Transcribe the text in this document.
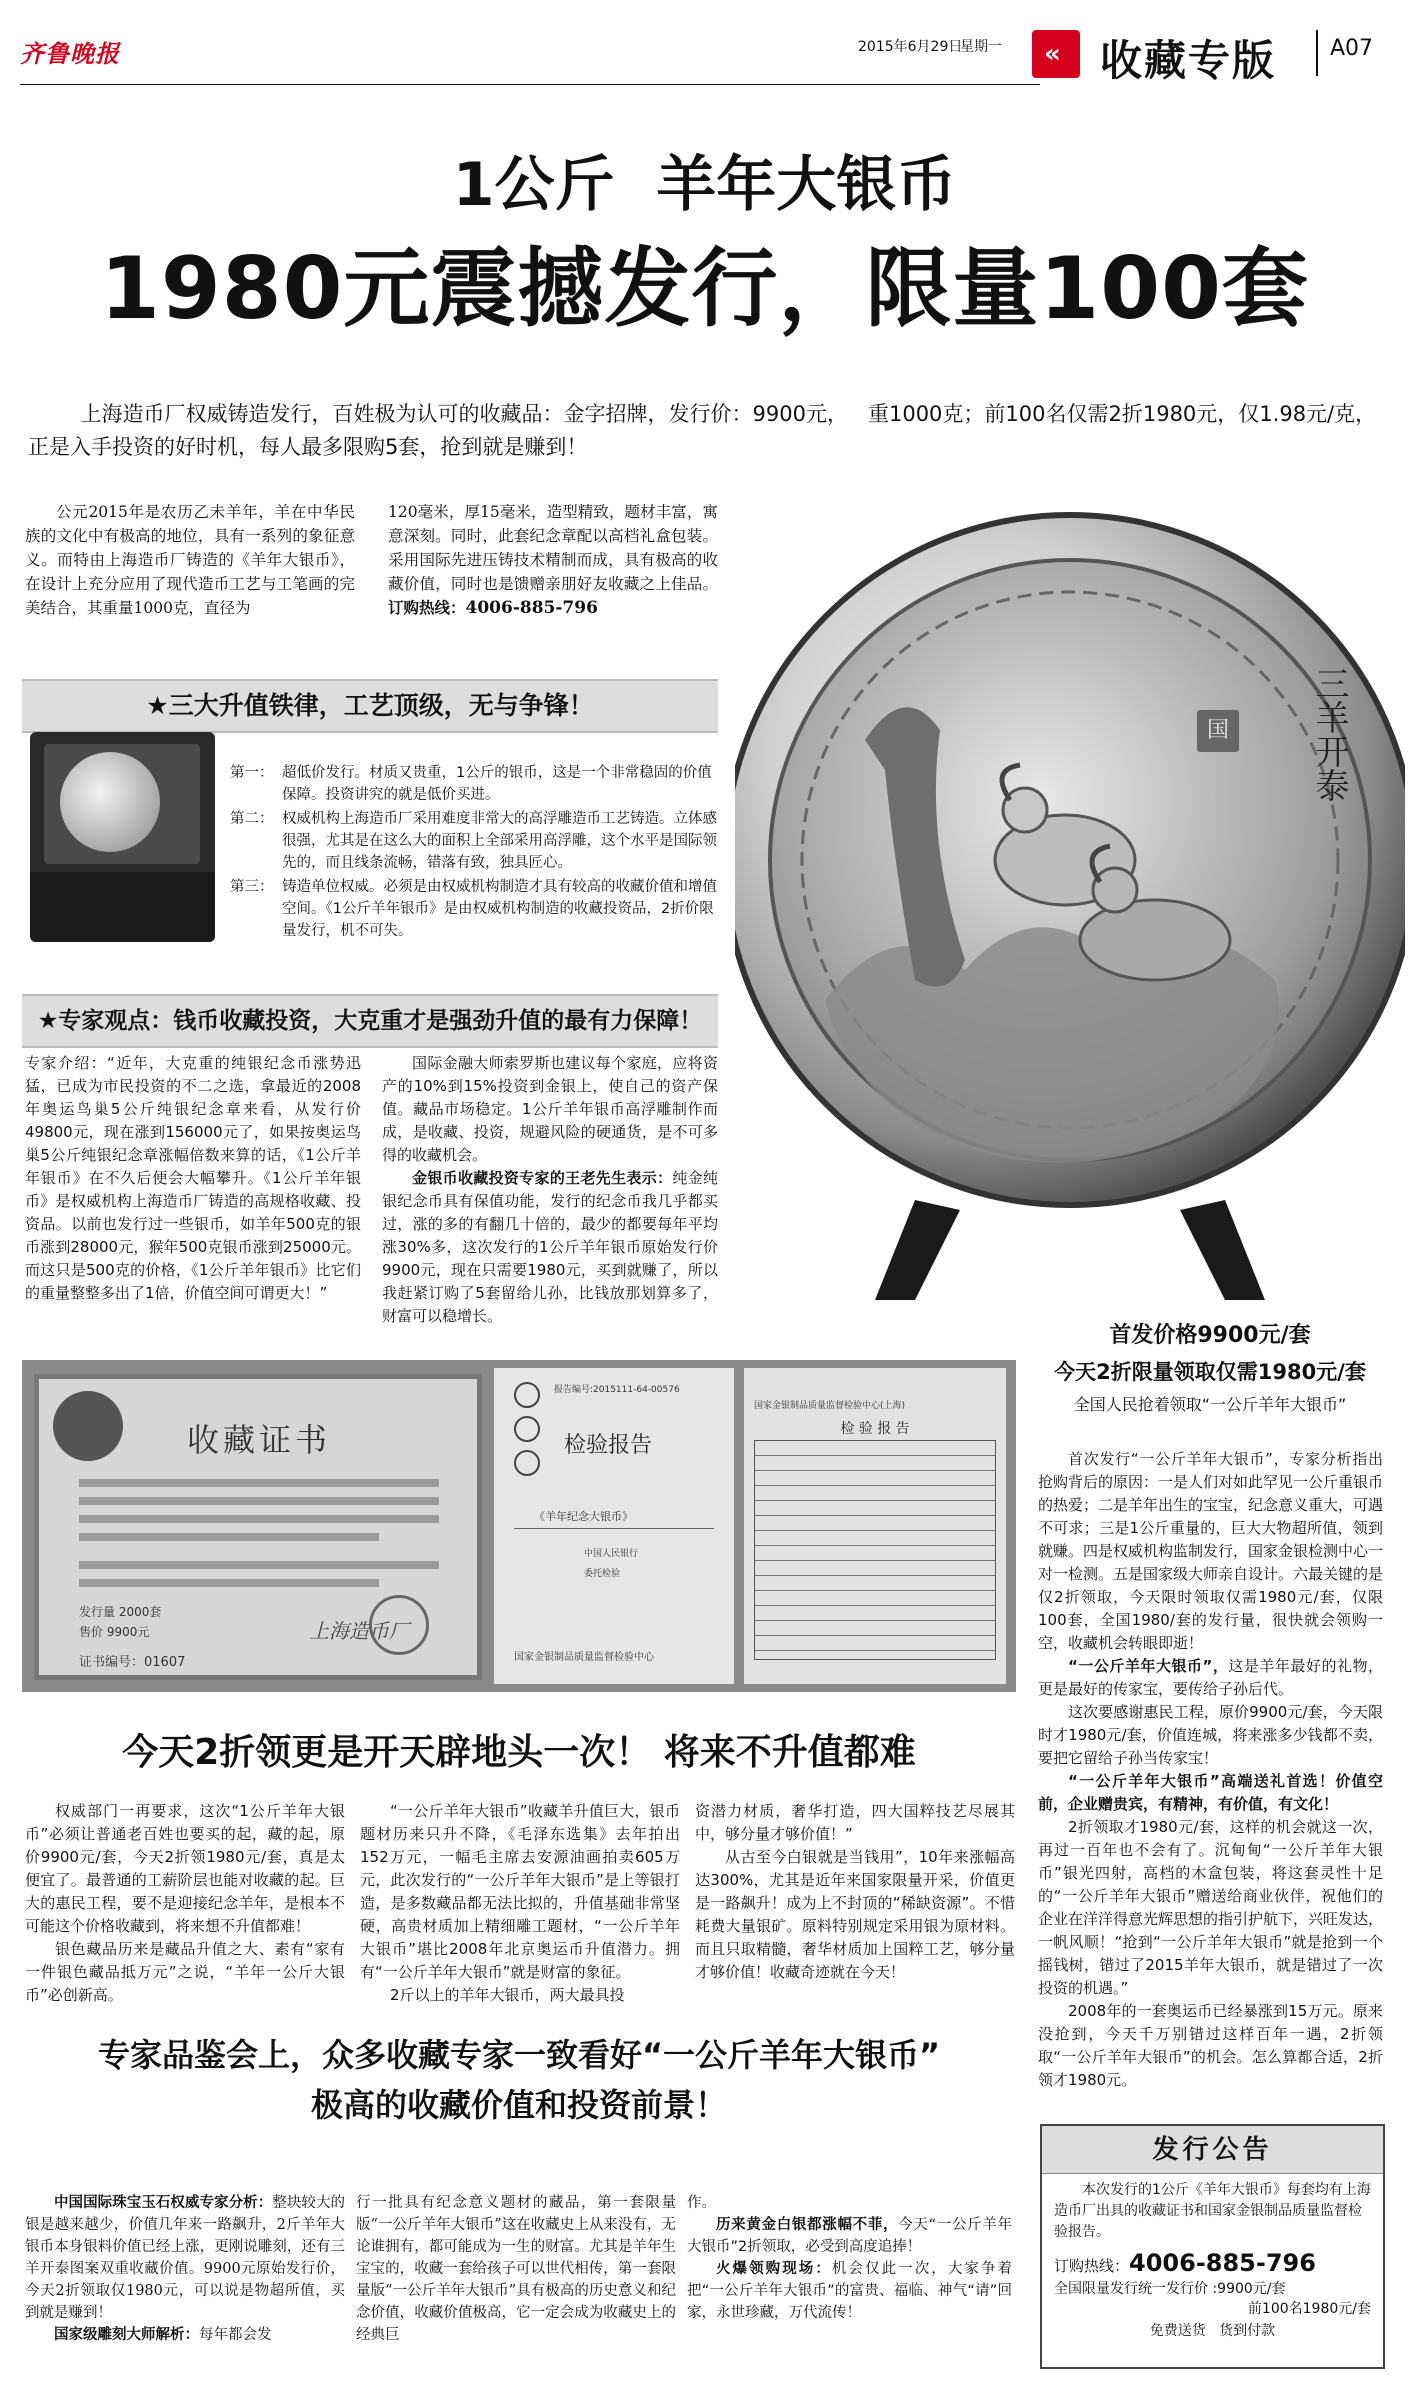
齐鲁晚报	2015年6月29日
星期一 « 收藏专版 A07
1公斤  羊年大银币
1980元震撼发行，限量100套
上海造币厂权威铸造发行，百姓极为认可的收藏品：金字招牌，发行价：9900元，   重1000克；前100名仅需2折1980元，仅1.98元/克，正是入手投资的好时机，每人最多限购5套，抢到就是赚到！

公元2015年是农历乙未羊年，羊在中华民族的文化中有极高的地位，具有一系列的象征意义。而特由上海造币厂铸造的《羊年大银币》，在设计上充分应用了现代造币工艺与工笔画的完美结合，其重量1000克，直径为

120毫米，厚15毫米，造型精致，题材丰富，寓意深刻。同时，此套纪念章配以高档礼盒包装。采用国际先进压铸技术精制而成，具有极高的收藏价值，同时也是馈赠亲朋好友收藏之上佳品。订购热线：4006-885-796
★三大升值铁律，工艺顶级，无与争锋！
第一： 超低价发行。材质又贵重，1公斤的银币，这是一个非常稳固的价值保障。投资讲究的就是低价买进。
第二： 权威机构上海造币厂采用难度非常大的高浮雕造币工艺铸造。立体感很强，尤其是在这么大的面积上全部采用高浮雕，这个水平是国际领先的，而且线条流畅，错落有致，独具匠心。
第三： 铸造单位权威。必须是由权威机构制造才具有较高的收藏价值和增值空间。《1公斤羊年银币》是由权威机构制造的收藏投资品，2折价限量发行，机不可失。
★专家观点：钱币收藏投资，大克重才是强劲升值的最有力保障！

专家介绍：“近年，大克重的纯银纪念币涨势迅猛，已成为市民投资的不二之选，拿最近的2008年奥运鸟巢5公斤纯银纪念章来看，从发行价49800元，现在涨到156000元了，如果按奥运鸟巢5公斤纯银纪念章涨幅倍数来算的话，《1公斤羊年银币》在不久后便会大幅攀升。《1公斤羊年银币》是权威机构上海造币厂铸造的高规格收藏、投资品。以前也发行过一些银币，如羊年500克的银币涨到28000元，猴年500克银币涨到25000元。而这只是500克的价格，《1公斤羊年银币》比它们的重量整整多出了1倍，价值空间可谓更大！”

国际金融大师索罗斯也建议每个家庭，应将资产的10%到15%投资到金银上，使自己的资产保值。藏品市场稳定。1公斤羊年银币高浮雕制作而成，是收藏、投资，规避风险的硬通货，是不可多得的收藏机会。

金银币收藏投资专家的王老先生表示：纯金纯银纪念币具有保值功能，发行的纪念币我几乎都买过，涨的多的有翻几十倍的，最少的都要每年平均涨30%多，这次发行的1公斤羊年银币原始发行价9900元，现在只需要1980元，买到就赚了，所以我赶紧订购了5套留给儿孙，比钱放那划算多了，财富可以稳增长。

三羊开泰
国
首发价格9900元/套
今天2折限量领取仅需1980元/套
全国人民抢着领取“一公斤羊年大银币”
收藏证书
发行量 2000套
售价 9900元
证书编号：01607
上海造币厂
报告编号:2015111-64-00576
检验报告
《羊年纪念大银币》
中国人民银行
委托检验
国家金银制品质量监督检验中心
国家金银制品质量监督检验中心(上海)
检 验 报 告
今天2折领更是开天辟地头一次！ 将来不升值都难

权威部门一再要求，这次“1公斤羊年大银币”必须让普通老百姓也要买的起，藏的起，原价9900元/套，今天2折领1980元/套，真是太便宜了。最普通的工薪阶层也能对收藏的起。巨大的惠民工程，要不是迎接纪念羊年，是根本不可能这个价格收藏到，将来想不升值都难！

银色藏品历来是藏品升值之大、素有“家有一件银色藏品抵万元”之说，“羊年一公斤大银币”必创新高。

“一公斤羊年大银币”收藏羊升值巨大，银币题材历来只升不降，《毛泽东选集》去年拍出152万元，一幅毛主席去安源油画拍卖605万元，此次发行的“一公斤羊年大银币”是上等银打造，是多数藏品都无法比拟的，升值基础非常坚硬，高贵材质加上精细雕工题材，“一公斤羊年大银币”堪比2008年北京奥运币升值潜力。拥有“一公斤羊年大银币”就是财富的象征。

2斤以上的羊年大银币，两大最具投

资潜力材质，奢华打造，四大国粹技艺尽展其中，够分量才够价值！”

从古至今白银就是当钱用”，10年来涨幅高达300%，尤其是近年来国家限量开采，价值更是一路飙升！成为上不封顶的“稀缺资源”。不惜耗费大量银矿。原料特别规定采用银为原材料。而且只取精髓，奢华材质加上国粹工艺，够分量才够价值！收藏奇迹就在今天！

首次发行“一公斤羊年大银币”，专家分析指出抢购背后的原因：一是人们对如此罕见一公斤重银币的热爱；二是羊年出生的宝宝，纪念意义重大，可遇不可求；三是1公斤重量的，巨大大物超所值，领到就赚。四是权威机构监制发行，国家金银检测中心一对一检测。五是国家级大师亲自设计。六最关键的是仅2折领取，今天限时领取仅需1980元/套，仅限100套，全国1980/套的发行量，很快就会领购一空，收藏机会转眼即逝！

“一公斤羊年大银币”，这是羊年最好的礼物，更是最好的传家宝，要传给子孙后代。

这次要感谢惠民工程，原价9900元/套，今天限时才1980元/套，价值连城，将来涨多少钱都不卖，要把它留给子孙当传家宝！

“一公斤羊年大银币”高端送礼首选！价值空前，企业赠贵宾，有精神，有价值，有文化！

2折领取才1980元/套，这样的机会就这一次，再过一百年也不会有了。沉甸甸“一公斤羊年大银币”银光四射，高档的木盒包装，将这套灵性十足的“一公斤羊年大银币”赠送给商业伙伴，祝他们的企业在洋洋得意光辉思想的指引护航下，兴旺发达，一帆风顺！“抢到“一公斤羊年大银币”就是抢到一个摇钱树，错过了2015羊年大银币，就是错过了一次投资的机遇。”

2008年的一套奥运币已经暴涨到15万元。原来没抢到，今天千万别错过这样百年一遇，2折领取“一公斤羊年大银币”的机会。怎么算都合适，2折领才1980元。

专家品鉴会上，众多收藏专家一致看好“一公斤羊年大银币”
极高的收藏价值和投资前景！

中国国际珠宝玉石权威专家分析：整块较大的银是越来越少，价值几年来一路飙升，2斤羊年大银币本身银料价值已经上涨，更刚说雕刻，还有三羊开泰图案双重收藏价值。9900元原始发行价，今天2折领取仅1980元，可以说是物超所值，买到就是赚到！

国家级雕刻大师解析：每年都会发

行一批具有纪念意义题材的藏品，第一套限量版“一公斤羊年大银币”这在收藏史上从来没有，无论谁拥有，都可能成为一生的财富。尤其是羊年生宝宝的，收藏一套给孩子可以世代相传，第一套限量版“一公斤羊年大银币”具有极高的历史意义和纪念价值，收藏价值极高，它一定会成为收藏史上的经典巨

作。

历来黄金白银都涨幅不菲，今天“一公斤羊年大银币”2折领取，必受到高度追捧！

火爆领购现场：机会仅此一次，大家争着把“一公斤羊年大银币”的富贵、福临、神气“请”回家，永世珍藏，万代流传！

发行公告
本次发行的1公斤《羊年大银币》每套均有上海造币厂出具的收藏证书和国家金银制品质量监督检验报告。
订购热线：4006-885-796
全国限量发行统一发行价 :9900元/套
前100名1980元/套
免费送货 货到付款
